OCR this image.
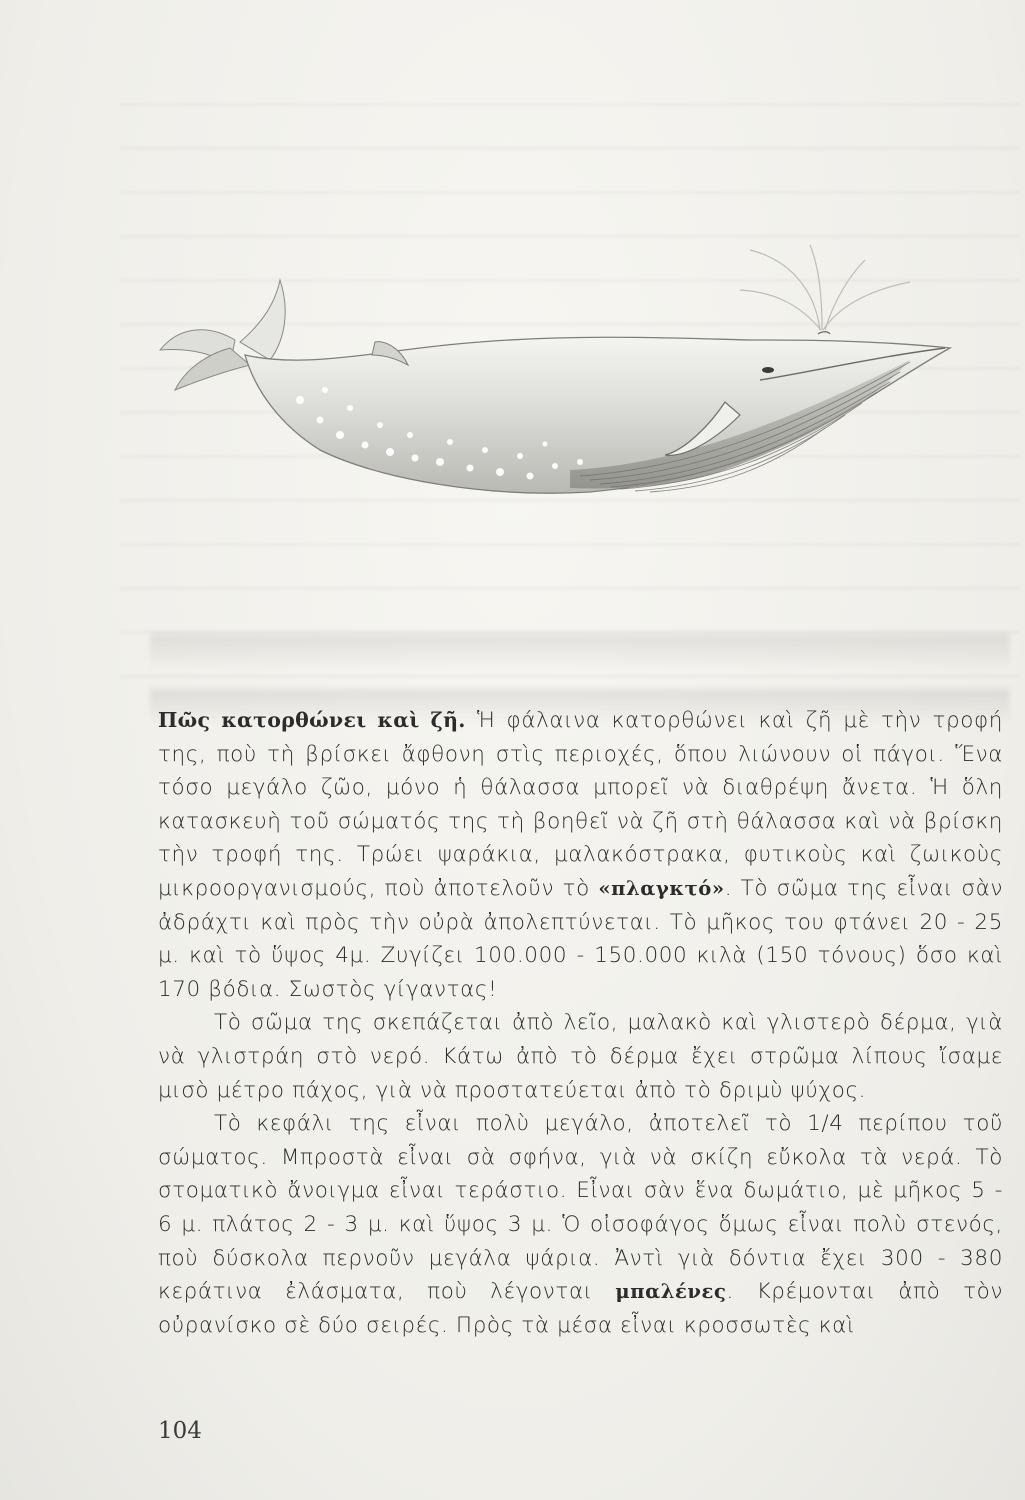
Πῶς κατορθώνει καὶ ζῆ. Ἡ φάλαινα κατορθώνει καὶ ζῆ μὲ τὴν τροφή της, ποὺ τὴ βρίσκει ἄφθονη στὶς περιοχές, ὅπου λιώνουν οἱ πάγοι. Ἕνα τόσο μεγάλο ζῶο, μόνο ἡ θάλασσα μπορεῖ νὰ διαθρέψη ἄνετα. Ἡ ὅλη κατασκευὴ τοῦ σώματός της τὴ βοηθεῖ νὰ ζῆ στὴ θάλασσα καὶ νὰ βρίσκη τὴν τροφή της. Τρώει ψαράκια, μαλακόστρακα, φυτικοὺς καὶ ζωικοὺς μικροοργανισμούς, ποὺ ἀποτελοῦν τὸ «πλαγκτό». Τὸ σῶμα της εἶναι σὰν ἀδράχτι καὶ πρὸς τὴν οὐρὰ ἀπολεπτύνεται. Τὸ μῆκος του φτάνει 20 - 25 μ. καὶ τὸ ὕψος 4μ. Ζυγίζει 100.000 - 150.000 κιλὰ (150 τόνους) ὅσο καὶ 170 βόδια. Σωστὸς γίγαντας!

Τὸ σῶμα της σκεπάζεται ἀπὸ λεῖο, μαλακὸ καὶ γλιστερὸ δέρμα, γιὰ νὰ γλιστράη στὸ νερό. Κάτω ἀπὸ τὸ δέρμα ἔχει στρῶμα λίπους ἴσαμε μισὸ μέτρο πάχος, γιὰ νὰ προστατεύεται ἀπὸ τὸ δριμὺ ψύχος.

Τὸ κεφάλι της εἶναι πολὺ μεγάλο, ἀποτελεῖ τὸ 1/4 περίπου τοῦ σώματος. Μπροστὰ εἶναι σὰ σφήνα, γιὰ νὰ σκίζη εὔκολα τὰ νερά. Τὸ στοματικὸ ἄνοιγμα εἶναι τεράστιο. Εἶναι σὰν ἕνα δωμάτιο, μὲ μῆκος 5 - 6 μ. πλάτος 2 - 3 μ. καὶ ὕψος 3 μ. Ὁ οἰσοφάγος ὅμως εἶναι πολὺ στενός, ποὺ δύσκολα περνοῦν μεγάλα ψάρια. Ἀντὶ γιὰ δόντια ἔχει 300 - 380 κεράτινα ἐλάσματα, ποὺ λέγονται μπαλένες. Κρέμονται ἀπὸ τὸν οὐρανίσκο σὲ δύο σειρές. Πρὸς τὰ μέσα εἶναι κροσσωτὲς καὶ

104
